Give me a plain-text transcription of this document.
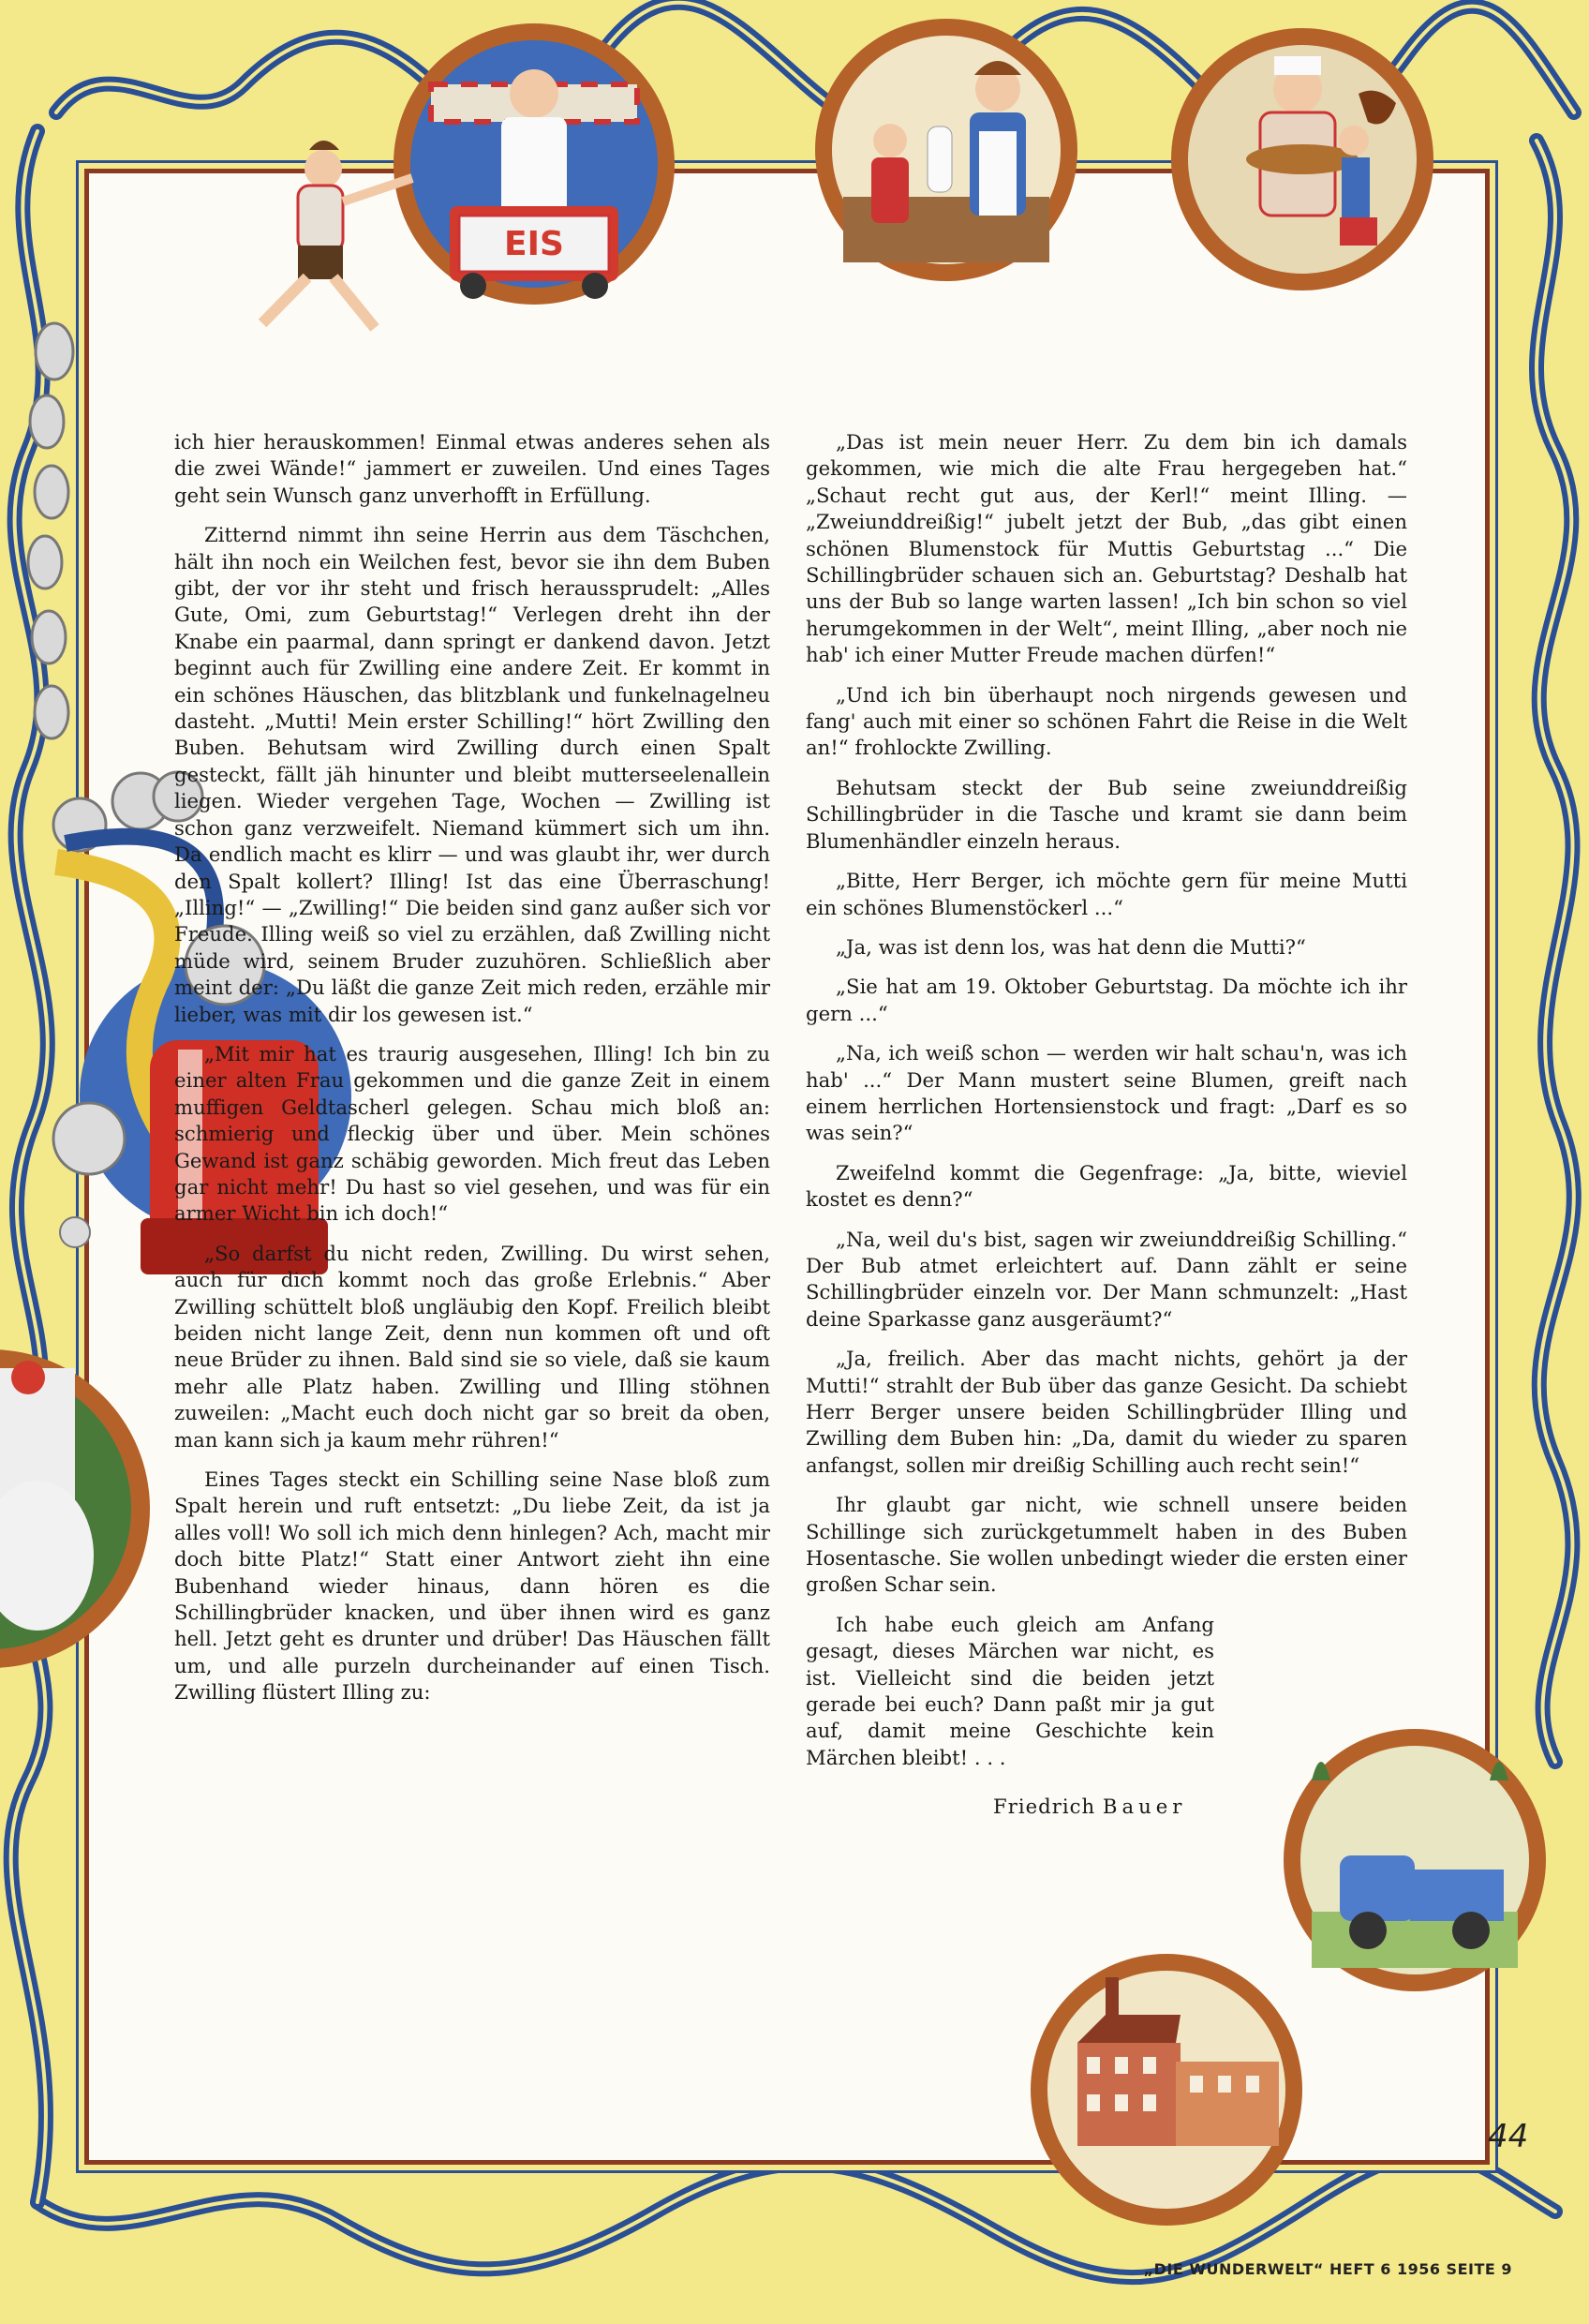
EIS

ich hier herauskommen! Einmal etwas anderes sehen als die zwei Wände!“ jammert er zuweilen. Und eines Tages geht sein Wunsch ganz unverhofft in Erfüllung.

Zitternd nimmt ihn seine Herrin aus dem Täschchen, hält ihn noch ein Weilchen fest, bevor sie ihn dem Buben gibt, der vor ihr steht und frisch heraussprudelt: „Alles Gute, Omi, zum Geburtstag!“ Verlegen dreht ihn der Knabe ein paarmal, dann springt er dankend davon. Jetzt beginnt auch für Zwilling eine andere Zeit. Er kommt in ein schönes Häuschen, das blitzblank und funkelnagelneu dasteht. „Mutti! Mein erster Schilling!“ hört Zwilling den Buben. Behutsam wird Zwilling durch einen Spalt gesteckt, fällt jäh hinunter und bleibt mutterseelenallein liegen. Wieder vergehen Tage, Wochen — Zwilling ist schon ganz verzweifelt. Niemand kümmert sich um ihn. Da endlich macht es klirr — und was glaubt ihr, wer durch den Spalt kollert? Illing! Ist das eine Überraschung! „Illing!“ — „Zwilling!“ Die beiden sind ganz außer sich vor Freude. Illing weiß so viel zu erzählen, daß Zwilling nicht müde wird, seinem Bruder zuzuhören. Schließlich aber meint der: „Du läßt die ganze Zeit mich reden, erzähle mir lieber, was mit dir los gewesen ist.“

„Mit mir hat es traurig ausgesehen, Illing! Ich bin zu einer alten Frau gekommen und die ganze Zeit in einem muffigen Geldtascherl gelegen. Schau mich bloß an: schmierig und fleckig über und über. Mein schönes Gewand ist ganz schäbig geworden. Mich freut das Leben gar nicht mehr! Du hast so viel gesehen, und was für ein armer Wicht bin ich doch!“

„So darfst du nicht reden, Zwilling. Du wirst sehen, auch für dich kommt noch das große Erlebnis.“ Aber Zwilling schüttelt bloß ungläubig den Kopf. Freilich bleibt beiden nicht lange Zeit, denn nun kommen oft und oft neue Brüder zu ihnen. Bald sind sie so viele, daß sie kaum mehr alle Platz haben. Zwilling und Illing stöhnen zuweilen: „Macht euch doch nicht gar so breit da oben, man kann sich ja kaum mehr rühren!“

Eines Tages steckt ein Schilling seine Nase bloß zum Spalt herein und ruft entsetzt: „Du liebe Zeit, da ist ja alles voll! Wo soll ich mich denn hinlegen? Ach, macht mir doch bitte Platz!“ Statt einer Antwort zieht ihn eine Bubenhand wieder hinaus, dann hören es die Schillingbrüder knacken, und über ihnen wird es ganz hell. Jetzt geht es drunter und drüber! Das Häuschen fällt um, und alle purzeln durcheinander auf einen Tisch. Zwilling flüstert Illing zu:

„Das ist mein neuer Herr. Zu dem bin ich damals gekommen, wie mich die alte Frau hergegeben hat.“ „Schaut recht gut aus, der Kerl!“ meint Illing. — „Zweiunddreißig!“ jubelt jetzt der Bub, „das gibt einen schönen Blumenstock für Muttis Geburtstag ...“ Die Schillingbrüder schauen sich an. Geburtstag? Deshalb hat uns der Bub so lange warten lassen! „Ich bin schon so viel herumgekommen in der Welt“, meint Illing, „aber noch nie hab' ich einer Mutter Freude machen dürfen!“

„Und ich bin überhaupt noch nirgends gewesen und fang' auch mit einer so schönen Fahrt die Reise in die Welt an!“ frohlockte Zwilling.

Behutsam steckt der Bub seine zweiunddreißig Schillingbrüder in die Tasche und kramt sie dann beim Blumenhändler einzeln heraus.

„Bitte, Herr Berger, ich möchte gern für meine Mutti ein schönes Blumenstöckerl ...“

„Ja, was ist denn los, was hat denn die Mutti?“

„Sie hat am 19. Oktober Geburtstag. Da möchte ich ihr gern ...“

„Na, ich weiß schon — werden wir halt schau'n, was ich hab' ...“ Der Mann mustert seine Blumen, greift nach einem herrlichen Hortensienstock und fragt: „Darf es so was sein?“

Zweifelnd kommt die Gegenfrage: „Ja, bitte, wieviel kostet es denn?“

„Na, weil du's bist, sagen wir zweiunddreißig Schilling.“ Der Bub atmet erleichtert auf. Dann zählt er seine Schillingbrüder einzeln vor. Der Mann schmunzelt: „Hast deine Sparkasse ganz ausgeräumt?“

„Ja, freilich. Aber das macht nichts, gehört ja der Mutti!“ strahlt der Bub über das ganze Gesicht. Da schiebt Herr Berger unsere beiden Schillingbrüder Illing und Zwilling dem Buben hin: „Da, damit du wieder zu sparen anfangst, sollen mir dreißig Schilling auch recht sein!“

Ihr glaubt gar nicht, wie schnell unsere beiden Schillinge sich zurückgetummelt haben in des Buben Hosentasche. Sie wollen unbedingt wieder die ersten einer großen Schar sein.

Ich habe euch gleich am Anfang gesagt, dieses Märchen war nicht, es ist. Vielleicht sind die beiden jetzt gerade bei euch? Dann paßt mir ja gut auf, damit meine Geschichte kein Märchen bleibt! . . .

Friedrich Bauer
44
„DIE WUNDERWELT“ HEFT 6 1956 SEITE 9
